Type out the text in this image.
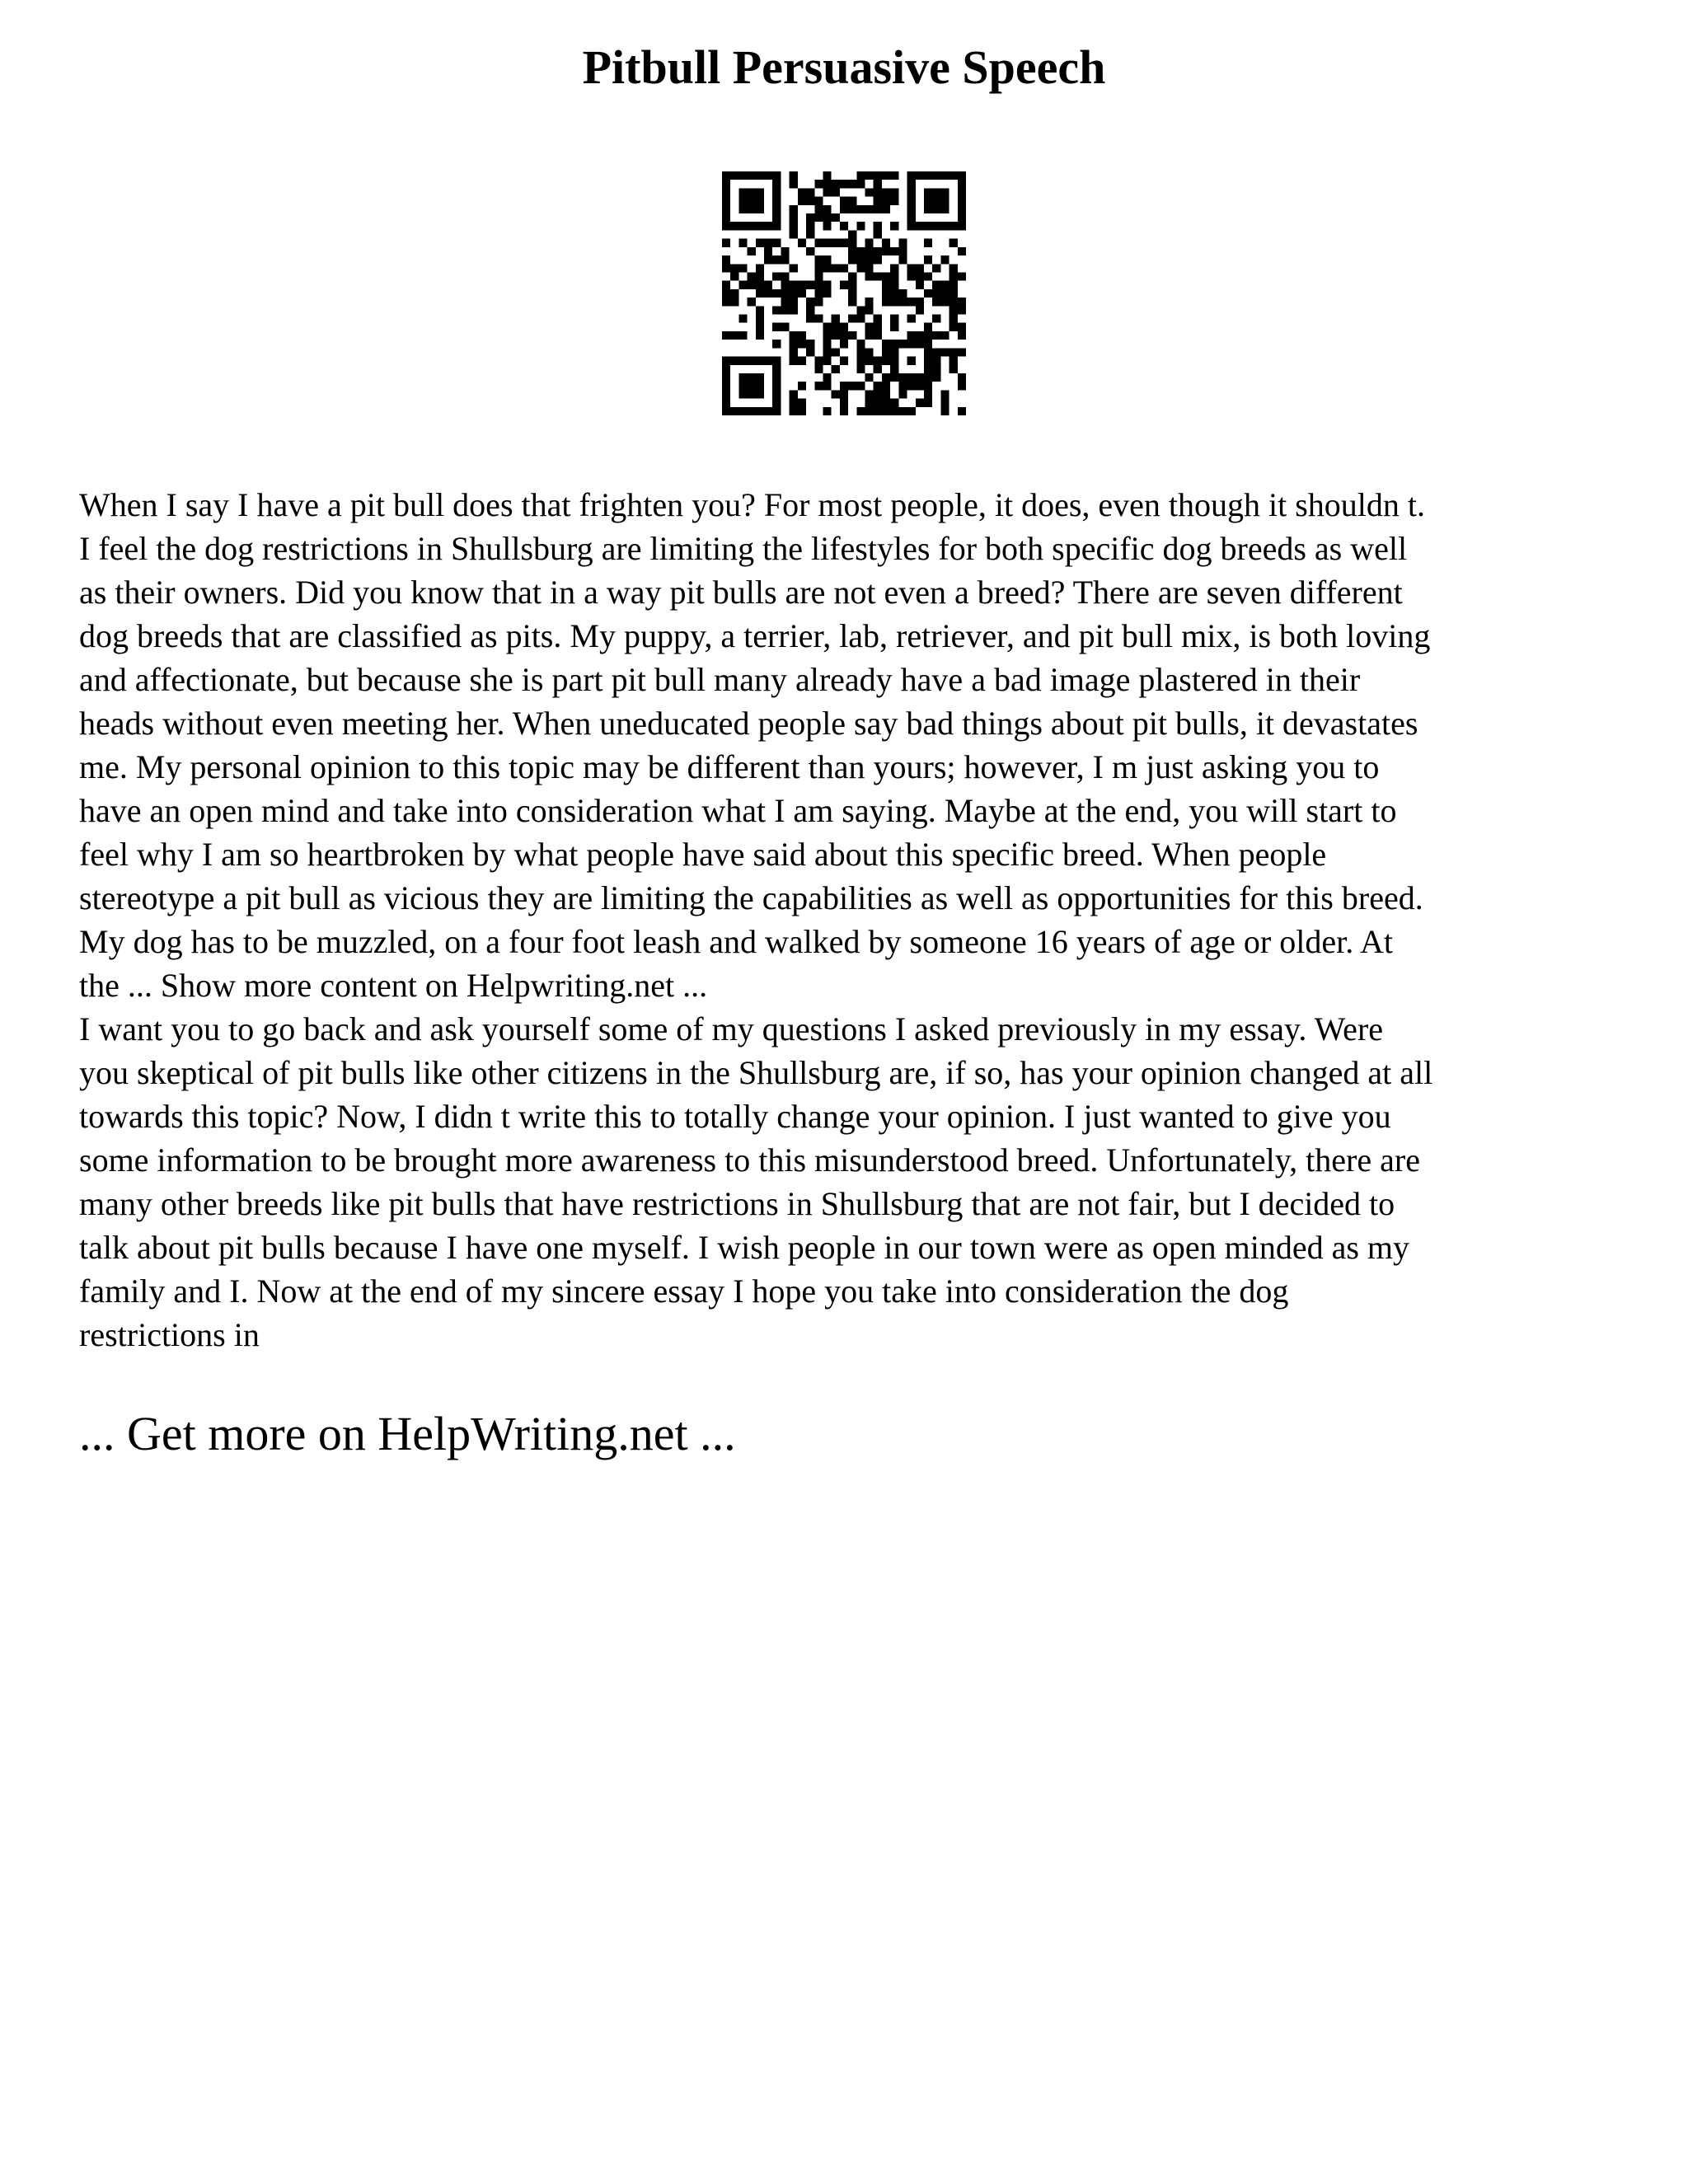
Pitbull Persuasive Speech
When I say I have a pit bull does that frighten you? For most people, it does, even though it shouldn t.
I feel the dog restrictions in Shullsburg are limiting the lifestyles for both specific dog breeds as well
as their owners. Did you know that in a way pit bulls are not even a breed? There are seven different
dog breeds that are classified as pits. My puppy, a terrier, lab, retriever, and pit bull mix, is both loving
and affectionate, but because she is part pit bull many already have a bad image plastered in their
heads without even meeting her. When uneducated people say bad things about pit bulls, it devastates
me. My personal opinion to this topic may be different than yours; however, I m just asking you to
have an open mind and take into consideration what I am saying. Maybe at the end, you will start to
feel why I am so heartbroken by what people have said about this specific breed. When people
stereotype a pit bull as vicious they are limiting the capabilities as well as opportunities for this breed.
My dog has to be muzzled, on a four foot leash and walked by someone 16 years of age or older. At
the ... Show more content on Helpwriting.net ...
I want you to go back and ask yourself some of my questions I asked previously in my essay. Were
you skeptical of pit bulls like other citizens in the Shullsburg are, if so, has your opinion changed at all
towards this topic? Now, I didn t write this to totally change your opinion. I just wanted to give you
some information to be brought more awareness to this misunderstood breed. Unfortunately, there are
many other breeds like pit bulls that have restrictions in Shullsburg that are not fair, but I decided to
talk about pit bulls because I have one myself. I wish people in our town were as open minded as my
family and I. Now at the end of my sincere essay I hope you take into consideration the dog
restrictions in
... Get more on HelpWriting.net ...
